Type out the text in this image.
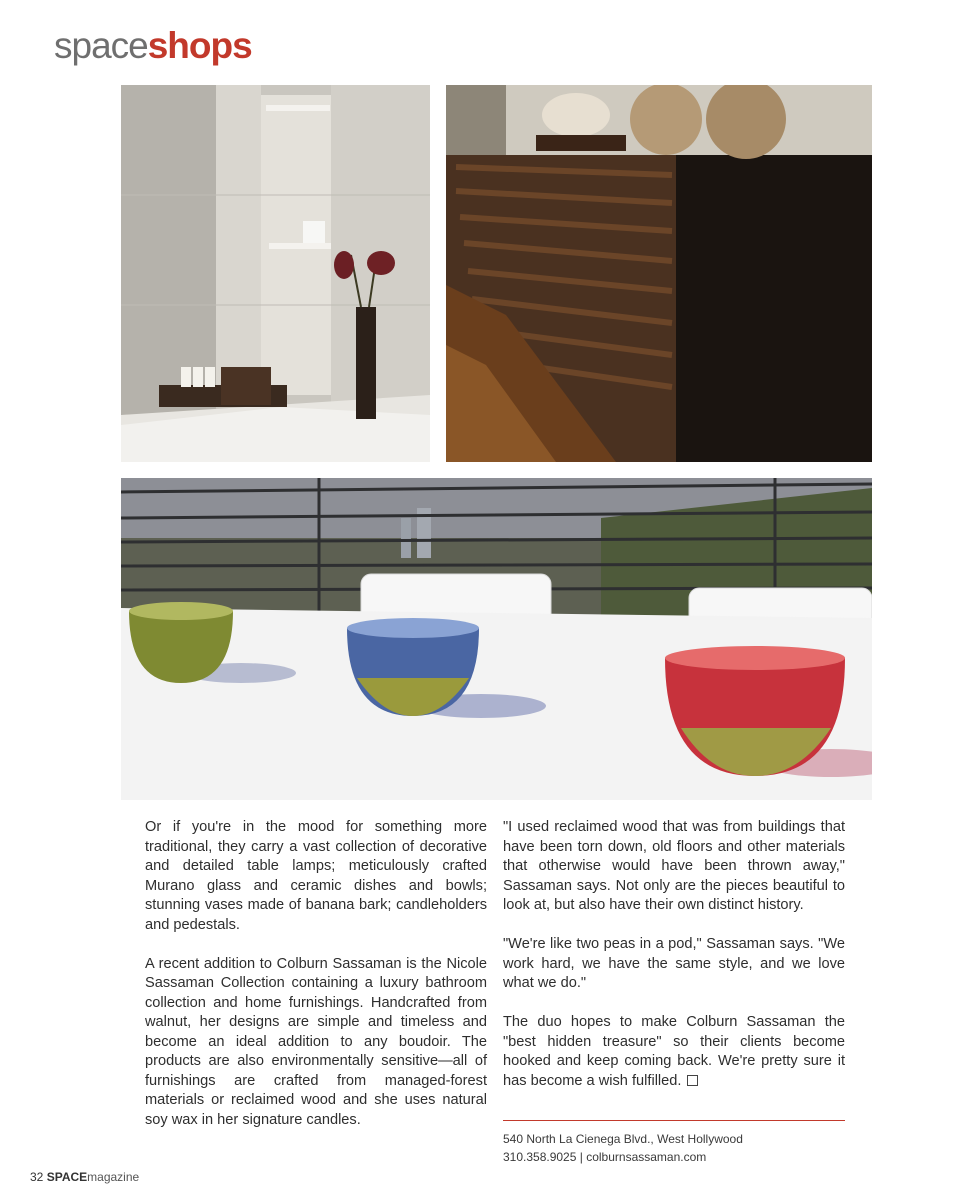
spaceshops

Or if you're in the mood for something more traditional, they carry a vast collection of decorative and detailed table lamps; meticulously crafted Murano glass and ceramic dishes and bowls; stunning vases made of banana bark; candleholders and pedestals.

A recent addition to Colburn Sassaman is the Nicole Sassaman Collection containing a luxury bathroom collection and home furnishings. Handcrafted from walnut, her designs are simple and timeless and become an ideal addition to any boudoir. The products are also environmentally sensitive—all of furnishings are crafted from managed-forest materials or reclaimed wood and she uses natural soy wax in her signature candles.

"I used reclaimed wood that was from buildings that have been torn down, old floors and other materials that otherwise would have been thrown away," Sassaman says. Not only are the pieces beautiful to look at, but also have their own distinct history.

"We're like two peas in a pod," Sassaman says. "We work hard, we have the same style, and we love what we do."

The duo hopes to make Colburn Sassaman the "best hidden treasure" so their clients become hooked and keep coming back. We're pretty sure it has become a wish fulfilled.

540 North La Cienega Blvd., West Hollywood
310.358.9025 | colburnsassaman.com
32 SPACEmagazine
